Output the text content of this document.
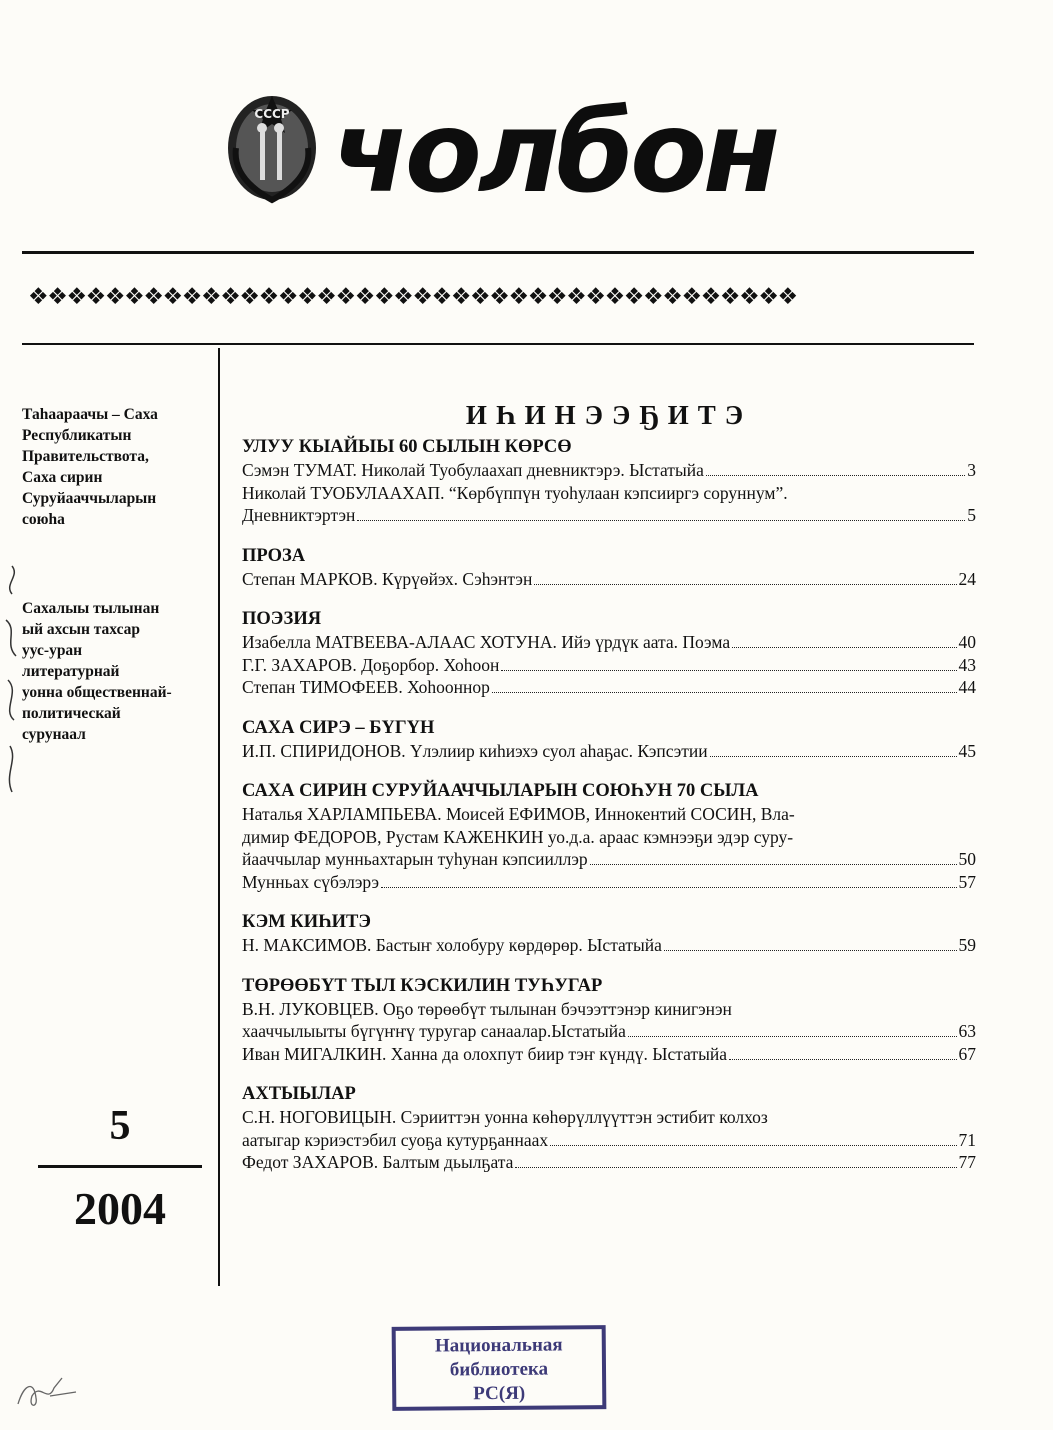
СССР чолбон
❖❖❖❖❖❖❖❖❖❖❖❖❖❖❖❖❖❖❖❖❖❖❖❖❖❖❖❖❖❖❖❖❖❖❖❖❖❖❖❖
Таһаараачы – Саха
Республикатын
Правительствота,
Саха сирин
Суруйааччыларын
союһа
Сахалыы тылынан
ый ахсын тахсар
уус-уран
литературнай
уонна общественнай-
политическай
сурунаал
5
2004
ИҺИНЭЭҔИТЭ
УЛУУ КЫАЙЫЫ 60 СЫЛЫН КӨРСӨ
Сэмэн ТУМАТ. Николай Туобулаахап дневниктэрэ. Ыстатыйа	3
Николай ТУОБУЛААХАП. “Көрбүппүн туоһулаан кэпсииргэ соруннум”.
Дневниктэртэн	5
ПРОЗА
Степан МАРКОВ. Күрүөйэх. Сэһэнтэн	24
ПОЭЗИЯ
Изабелла МАТВЕЕВА-АЛААС ХОТУНА. Ийэ үрдүк аата. Поэма	40
Г.Г. ЗАХАРОВ. Доҕорбор. Хоһоон	43
Степан ТИМОФЕЕВ. Хоһооннор	44
САХА СИРЭ – БҮГҮН
И.П. СПИРИДОНОВ. Үлэлиир киһиэхэ суол аһаҕас. Кэпсэтии	45
САХА СИРИН СУРУЙААЧЧЫЛАРЫН СОЮҺУН 70 СЫЛА
Наталья ХАРЛАМПЬЕВА. Моисей ЕФИМОВ, Иннокентий СОСИН, Вла-
димир ФЕДОРОВ, Рустам КАЖЕНКИН уо.д.а. араас кэмнээҕи эдэр суру-
йааччылар мунньахтарын туһунан кэпсииллэр	50
Мунньах сүбэлэрэ	57
КЭМ КИҺИТЭ
Н. МАКСИМОВ. Бастыҥ холобуру көрдөрөр. Ыстатыйа	59
ТӨРӨӨБҮТ ТЫЛ КЭСКИЛИН ТУҺУГАР
В.Н. ЛУКОВЦЕВ. Оҕо төрөөбүт тылынан бэчээттэнэр кинигэнэн
хааччылыыты бүгүҥҥү туругар санаалар.Ыстатыйа	63
Иван МИГАЛКИН. Ханна да олохпут биир тэҥ күндү. Ыстатыйа	67
АХТЫЫЛАР
С.Н. НОГОВИЦЫН. Сэрииттэн уонна көһөрүллүүттэн эстибит колхоз
аатыгар кэриэстэбил суоҕа кутурҕаннаах	71
Федот ЗАХАРОВ. Балтым дьылҕата	77
Национальная
библиотека
РС(Я)
